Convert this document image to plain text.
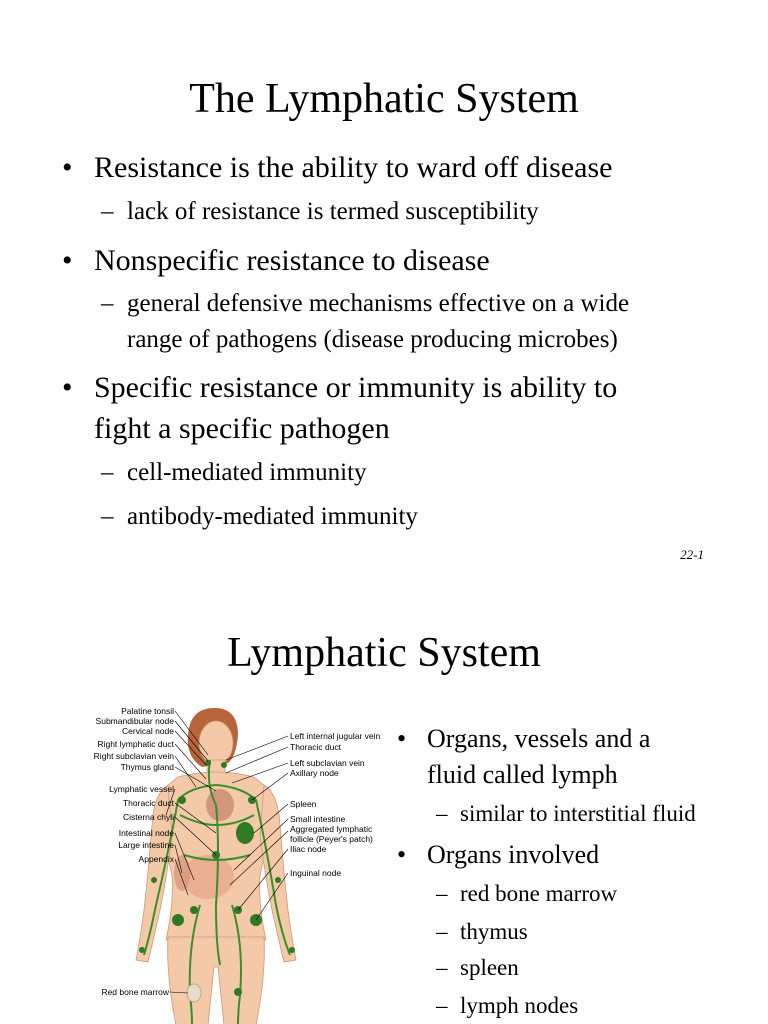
The Lymphatic System
• Resistance is the ability to ward off disease
– lack of resistance is termed susceptibility
• Nonspecific resistance to disease
– general defensive mechanisms effective on a wide
range of pathogens (disease producing microbes)
• Specific resistance or immunity is ability to
fight a specific pathogen
– cell-mediated immunity
– antibody-mediated immunity
22-1
Lymphatic System
Palatine tonsil
Submandibular node
Cervical node
Right lymphatic duct
Right subclavian vein
Thymus gland
Lymphatic vessel
Thoracic duct
Cisterna chyli
Intestinal node
Large intestine
Appendix
Red bone marrow
Left internal jugular vein
Thoracic duct
Left subclavian vein
Axillary node
Spleen
Small intestine
Aggregated lymphatic
follicle (Peyer's patch)
Iliac node
Inguinal node
• Organs, vessels and a
fluid called lymph
– similar to interstitial fluid
• Organs involved
– red bone marrow
– thymus
– spleen
– lymph nodes
